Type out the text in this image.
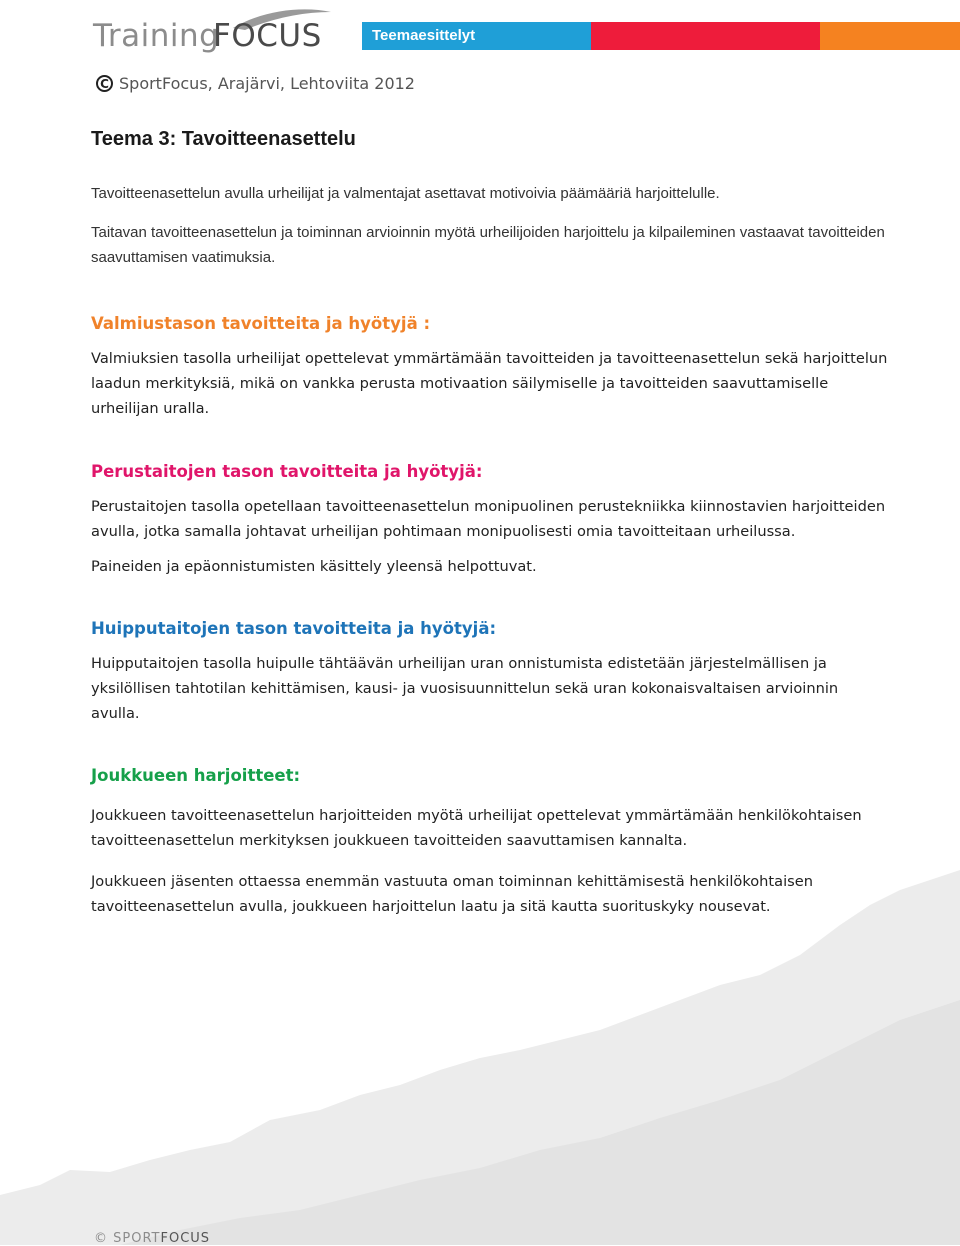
Training
FOCUS	Teemaesittelyt
C SportFocus, Arajärvi, Lehtoviita 2012
Teema 3: Tavoitteenasettelu

Tavoitteenasettelun avulla urheilijat ja valmentajat asettavat motivoivia päämääriä harjoittelulle.

Taitavan tavoitteenasettelun ja toiminnan arvioinnin myötä urheilijoiden harjoittelu ja kilpaileminen vastaavat tavoitteiden saavuttamisen vaatimuksia.

Valmiustason tavoitteita ja hyötyjä :

Valmiuksien tasolla urheilijat opettelevat ymmärtämään tavoitteiden ja tavoitteenasettelun sekä harjoittelun laadun merkityksiä, mikä on vankka perusta motivaation säilymiselle ja tavoitteiden saavuttamiselle urheilijan uralla.

Perustaitojen tason tavoitteita ja hyötyjä:

Perustaitojen tasolla opetellaan tavoitteenasettelun monipuolinen perustekniikka kiinnostavien harjoitteiden avulla, jotka samalla johtavat urheilijan pohtimaan monipuolisesti omia tavoitteitaan urheilussa.

Paineiden ja epäonnistumisten käsittely yleensä helpottuvat.

Huipputaitojen tason tavoitteita ja hyötyjä:

Huipputaitojen tasolla huipulle tähtäävän urheilijan uran onnistumista edistetään järjestelmällisen ja yksilöllisen tahtotilan kehittämisen, kausi- ja vuosisuunnittelun sekä uran kokonaisvaltaisen arvioinnin avulla.

Joukkueen harjoitteet:

Joukkueen tavoitteenasettelun harjoitteiden myötä urheilijat opettelevat ymmärtämään henkilökohtaisen tavoitteenasettelun merkityksen joukkueen tavoitteiden saavuttamisen kannalta.

Joukkueen jäsenten ottaessa enemmän vastuuta oman toiminnan kehittämisestä henkilökohtaisen tavoitteenasettelun avulla, joukkueen harjoittelun laatu ja sitä kautta suorituskyky nousevat.

© SPORTFOCUS
